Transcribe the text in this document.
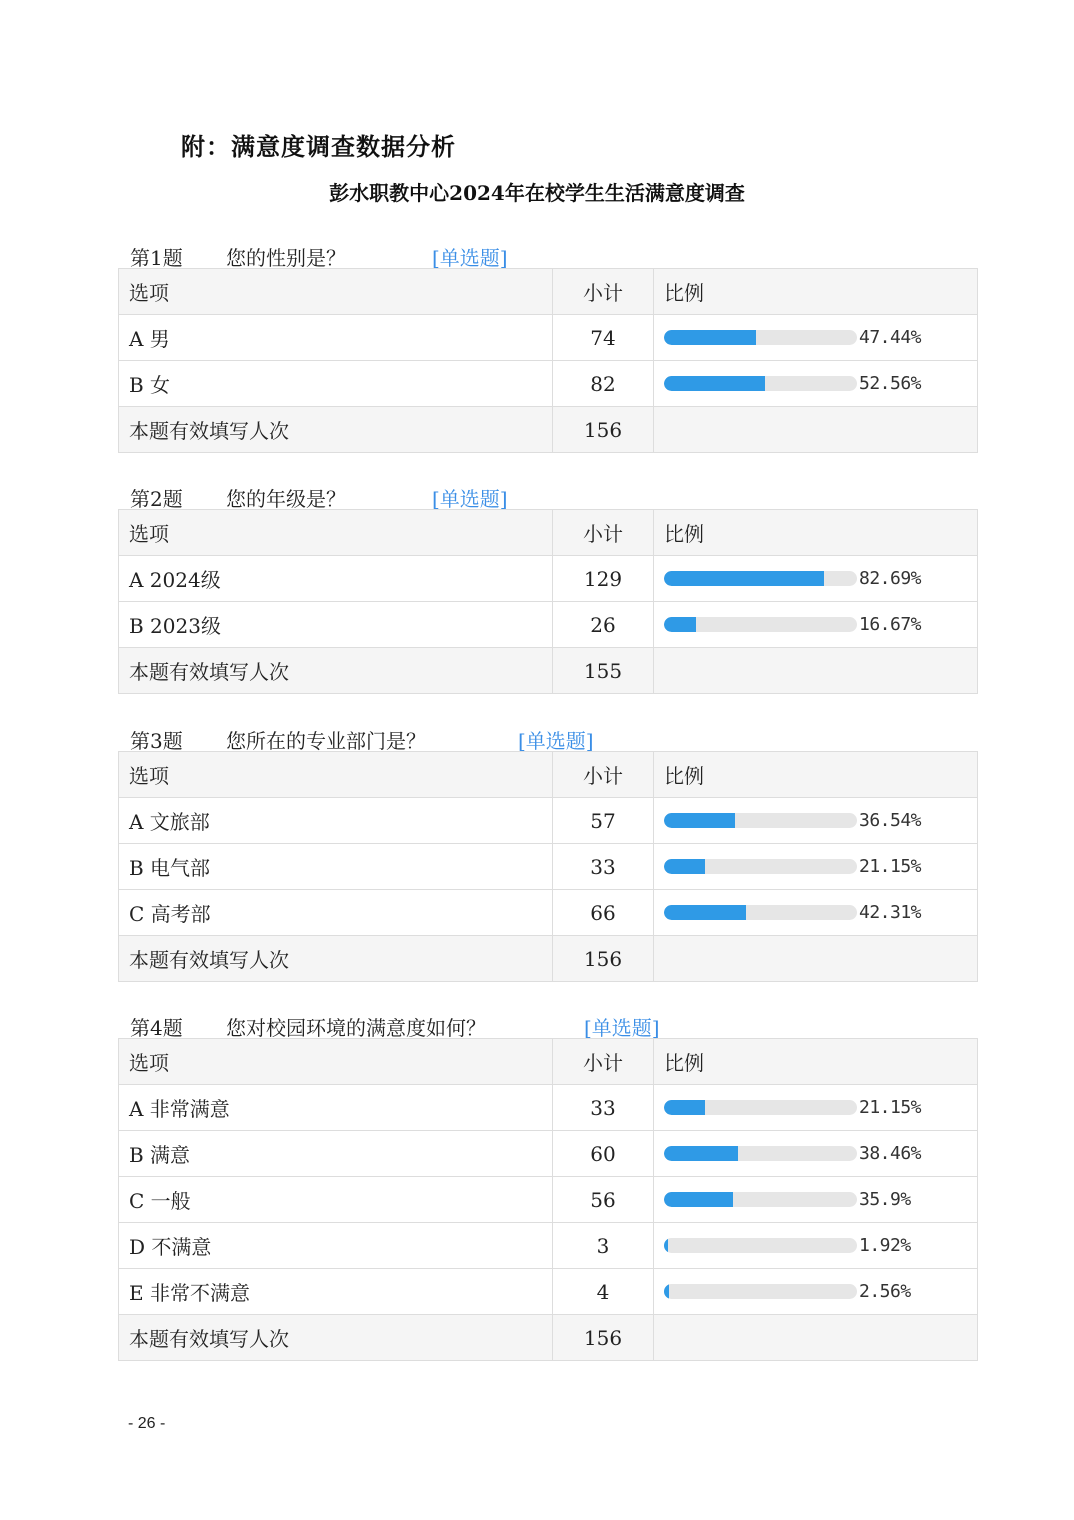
附：满意度调查数据分析
彭水职教中心2024年在校学生生活满意度调查
第1题 您的性别是？	[单选题]
选项	小计	比例
A 男	74	47.44%

B 女	82	52.56%

本题有效填写人次	156	
第2题 您的年级是？	[单选题]
选项	小计	比例
A 2024级	129	82.69%

B 2023级	26	16.67%

本题有效填写人次	155	
第3题 您所在的专业部门是？	[单选题]
选项	小计	比例
A 文旅部	57	36.54%

B 电气部	33	21.15%

C 高考部	66	42.31%

本题有效填写人次	156	
第4题 您对校园环境的满意度如何？	[单选题]
选项	小计	比例
A 非常满意	33	21.15%

B 满意	60	38.46%

C 一般	56	35.9%

D 不满意	3	1.92%

E 非常不满意	4	2.56%

本题有效填写人次	156	
- 26 -
